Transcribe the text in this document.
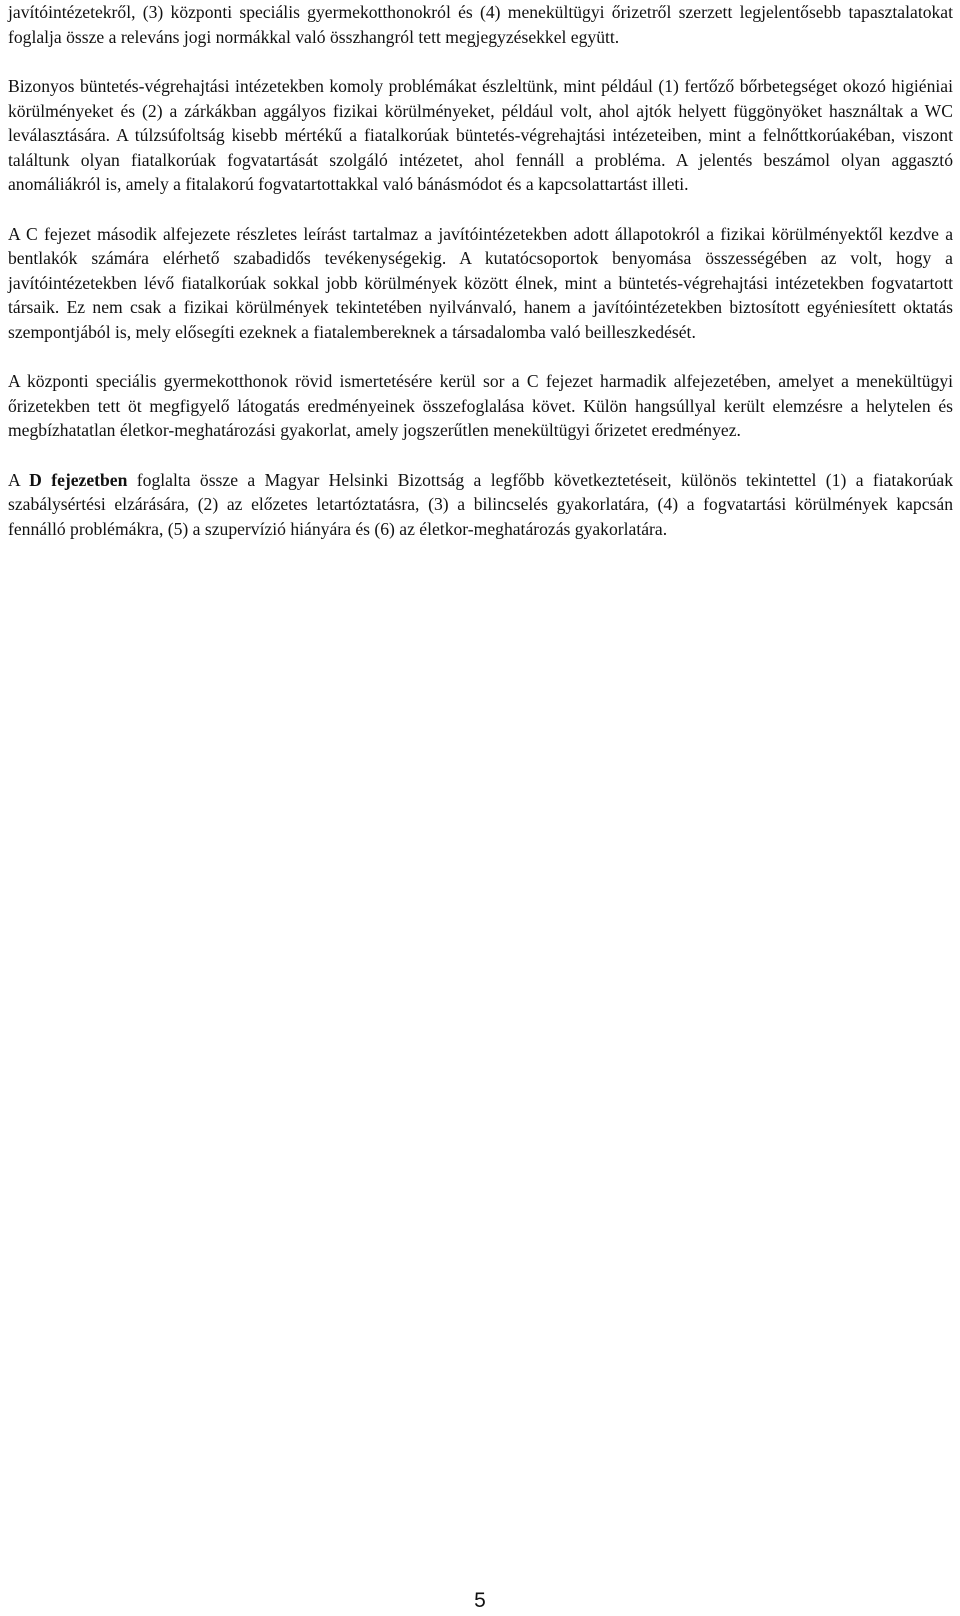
javítóintézetekről, (3) központi speciális gyermekotthonokról és (4) menekültügyi őrizetről szerzett legjelentősebb tapasztalatokat foglalja össze a releváns jogi normákkal való összhangról tett megjegyzésekkel együtt.

Bizonyos büntetés-végrehajtási intézetekben komoly problémákat észleltünk, mint például (1) fertőző bőrbetegséget okozó higiéniai körülményeket és (2) a zárkákban aggályos fizikai körülményeket, például volt, ahol ajtók helyett függönyöket használtak a WC leválasztására. A túlzsúfoltság kisebb mértékű a fiatalkorúak büntetés-végrehajtási intézeteiben, mint a felnőttkorúakéban, viszont találtunk olyan fiatalkorúak fogvatartását szolgáló intézetet, ahol fennáll a probléma. A jelentés beszámol olyan aggasztó anomáliákról is, amely a fitalakorú fogvatartottakkal való bánásmódot és a kapcsolattartást illeti.

A C fejezet második alfejezete részletes leírást tartalmaz a javítóintézetekben adott állapotokról a fizikai körülményektől kezdve a bentlakók számára elérhető szabadidős tevékenységekig. A kutatócsoportok benyomása összességében az volt, hogy a javítóintézetekben lévő fiatalkorúak sokkal jobb körülmények között élnek, mint a büntetés-végrehajtási intézetekben fogvatartott társaik. Ez nem csak a fizikai körülmények tekintetében nyilvánvaló, hanem a javítóintézetekben biztosított egyéniesített oktatás szempontjából is, mely elősegíti ezeknek a fiatalembereknek a társadalomba való beilleszkedését.

A központi speciális gyermekotthonok rövid ismertetésére kerül sor a C fejezet harmadik alfejezetében, amelyet a menekültügyi őrizetekben tett öt megfigyelő látogatás eredményeinek összefoglalása követ. Külön hangsúllyal került elemzésre a helytelen és megbízhatatlan életkor-meghatározási gyakorlat, amely jogszerűtlen menekültügyi őrizetet eredményez.

A D fejezetben foglalta össze a Magyar Helsinki Bizottság a legfőbb következtetéseit, különös tekintettel (1) a fiatakorúak szabálysértési elzárására, (2) az előzetes letartóztatásra, (3) a bilincselés gyakorlatára, (4) a fogvatartási körülmények kapcsán fennálló problémákra, (5) a szupervízió hiányára és (6) az életkor-meghatározás gyakorlatára.

5
